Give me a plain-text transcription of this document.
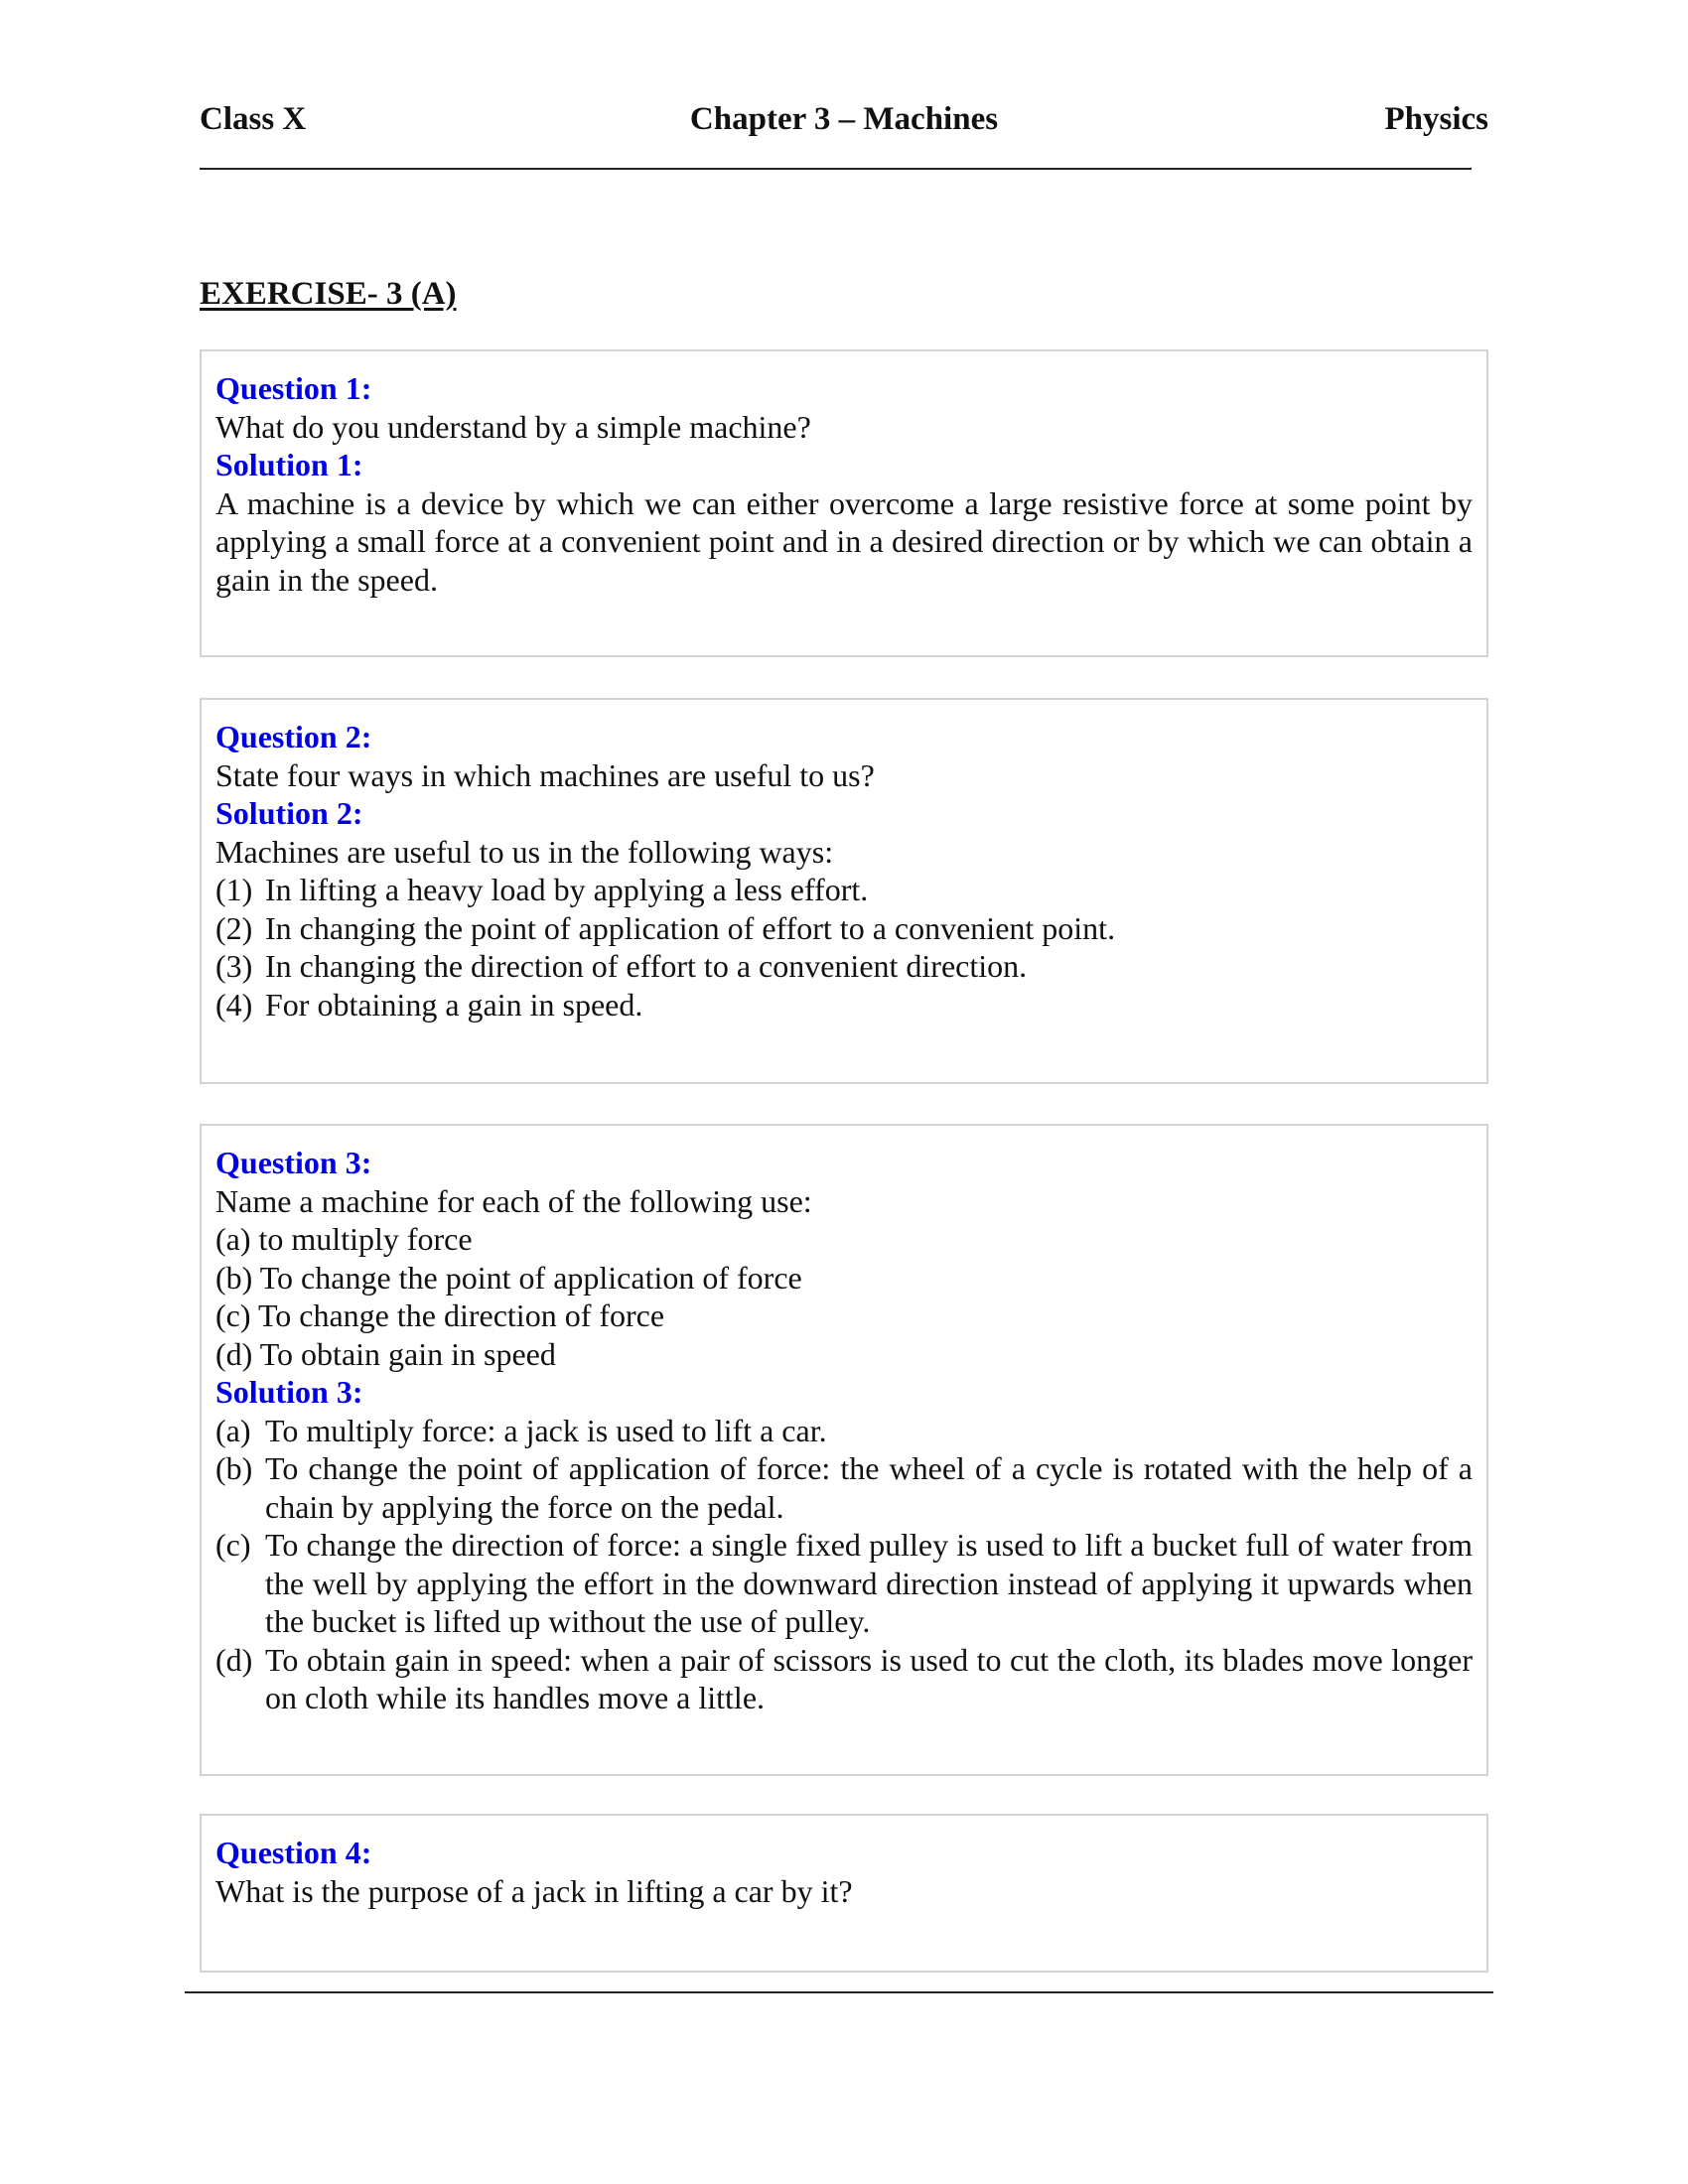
Class X	Chapter 3 – Machines	Physics
EXERCISE- 3 (A)
Question 1:
What do you understand by a simple machine?
Solution 1:
A machine is a device by which we can either overcome a large resistive force at some point by applying a small force at a convenient point and in a desired direction or by which we can obtain a gain in the speed.
Question 2:
State four ways in which machines are useful to us?
Solution 2:
Machines are useful to us in the following ways:
(1) In lifting a heavy load by applying a less effort.
(2) In changing the point of application of effort to a convenient point.
(3) In changing the direction of effort to a convenient direction.
(4) For obtaining a gain in speed.
Question 3:
Name a machine for each of the following use:
(a) to multiply force
(b) To change the point of application of force
(c) To change the direction of force
(d) To obtain gain in speed
Solution 3:
(a) To multiply force: a jack is used to lift a car.
(b) To change the point of application of force: the wheel of a cycle is rotated with the help of a chain by applying the force on the pedal.
(c) To change the direction of force: a single fixed pulley is used to lift a bucket full of water from the well by applying the effort in the downward direction instead of applying it upwards when the bucket is lifted up without the use of pulley.
(d) To obtain gain in speed: when a pair of scissors is used to cut the cloth, its blades move longer on cloth while its handles move a little.
Question 4:
What is the purpose of a jack in lifting a car by it?
